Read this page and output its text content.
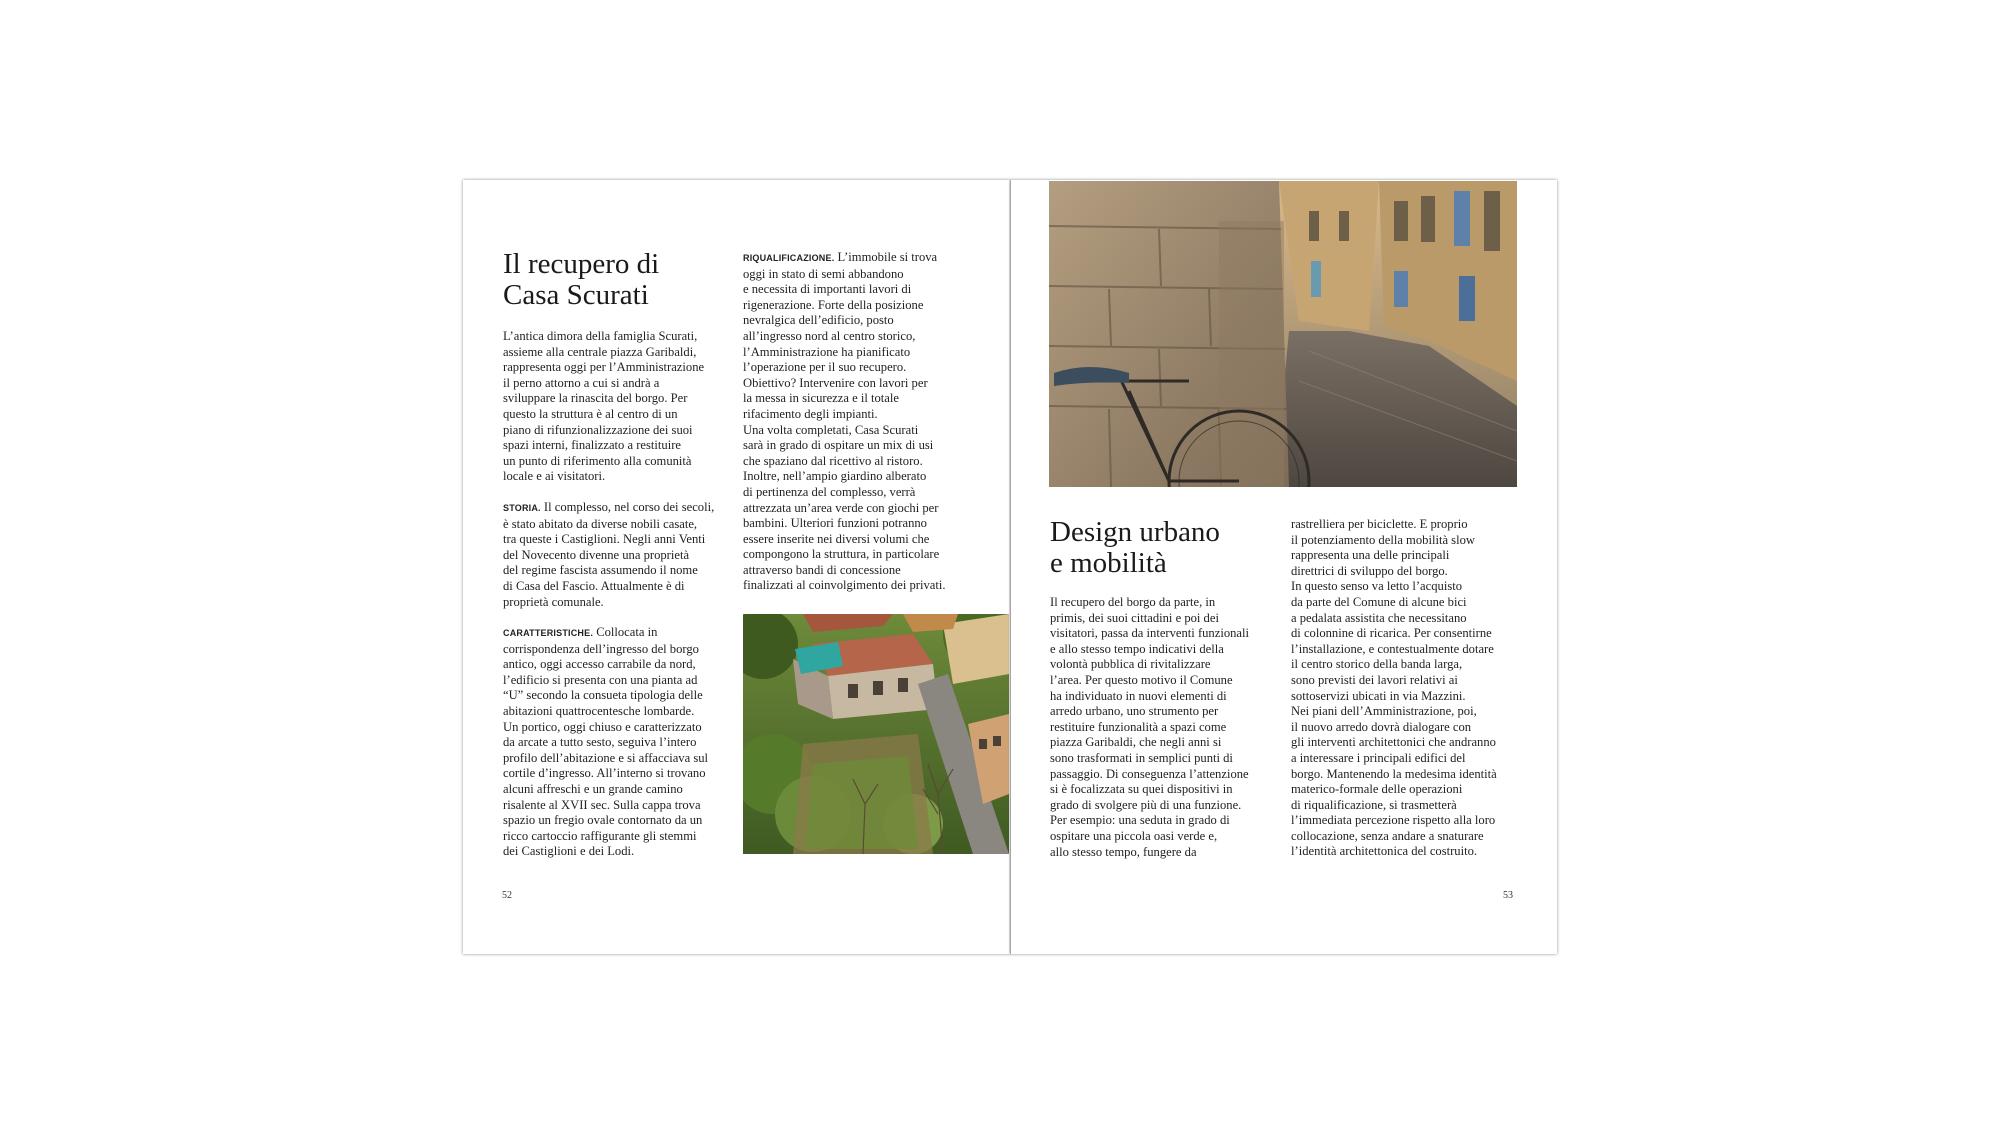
Il recupero di
Casa Scurati

L’antica dimora della famiglia Scurati,
assieme alla centrale piazza Garibaldi,
rappresenta oggi per l’Amministrazione
il perno attorno a cui si andrà a
sviluppare la rinascita del borgo. Per
questo la struttura è al centro di un
piano di rifunzionalizzazione dei suoi
spazi interni, finalizzato a restituire
un punto di riferimento alla comunità
locale e ai visitatori.

STORIA. Il complesso, nel corso dei secoli,
è stato abitato da diverse nobili casate,
tra queste i Castiglioni. Negli anni Venti
del Novecento divenne una proprietà
del regime fascista assumendo il nome
di Casa del Fascio. Attualmente è di
proprietà comunale.

CARATTERISTICHE. Collocata in
corrispondenza dell’ingresso del borgo
antico, oggi accesso carrabile da nord,
l’edificio si presenta con una pianta ad
“U” secondo la consueta tipologia delle
abitazioni quattrocentesche lombarde.
Un portico, oggi chiuso e caratterizzato
da arcate a tutto sesto, seguiva l’intero
profilo dell’abitazione e si affacciava sul
cortile d’ingresso. All’interno si trovano
alcuni affreschi e un grande camino
risalente al XVII sec. Sulla cappa trova
spazio un fregio ovale contornato da un
ricco cartoccio raffigurante gli stemmi
dei Castiglioni e dei Lodi.

RIQUALIFICAZIONE. L’immobile si trova
oggi in stato di semi abbandono
e necessita di importanti lavori di
rigenerazione. Forte della posizione
nevralgica dell’edificio, posto
all’ingresso nord al centro storico,
l’Amministrazione ha pianificato
l’operazione per il suo recupero.
Obiettivo? Intervenire con lavori per
la messa in sicurezza e il totale
rifacimento degli impianti.
Una volta completati, Casa Scurati
sarà in grado di ospitare un mix di usi
che spaziano dal ricettivo al ristoro.
Inoltre, nell’ampio giardino alberato
di pertinenza del complesso, verrà
attrezzata un’area verde con giochi per
bambini. Ulteriori funzioni potranno
essere inserite nei diversi volumi che
compongono la struttura, in particolare
attraverso bandi di concessione
finalizzati al coinvolgimento dei privati.

52
Design urbano
e mobilità

Il recupero del borgo da parte, in
primis, dei suoi cittadini e poi dei
visitatori, passa da interventi funzionali
e allo stesso tempo indicativi della
volontà pubblica di rivitalizzare
l’area. Per questo motivo il Comune
ha individuato in nuovi elementi di
arredo urbano, uno strumento per
restituire funzionalità a spazi come
piazza Garibaldi, che negli anni si
sono trasformati in semplici punti di
passaggio. Di conseguenza l’attenzione
si è focalizzata su quei dispositivi in
grado di svolgere più di una funzione.
Per esempio: una seduta in grado di
ospitare una piccola oasi verde e,
allo stesso tempo, fungere da

rastrelliera per biciclette. E proprio
il potenziamento della mobilità slow
rappresenta una delle principali
direttrici di sviluppo del borgo.
In questo senso va letto l’acquisto
da parte del Comune di alcune bici
a pedalata assistita che necessitano
di colonnine di ricarica. Per consentirne
l’installazione, e contestualmente dotare
il centro storico della banda larga,
sono previsti dei lavori relativi ai
sottoservizi ubicati in via Mazzini.
Nei piani dell’Amministrazione, poi,
il nuovo arredo dovrà dialogare con
gli interventi architettonici che andranno
a interessare i principali edifici del
borgo. Mantenendo la medesima identità
materico-formale delle operazioni
di riqualificazione, si trasmetterà
l’immediata percezione rispetto alla loro
collocazione, senza andare a snaturare
l’identità architettonica del costruito.

53
